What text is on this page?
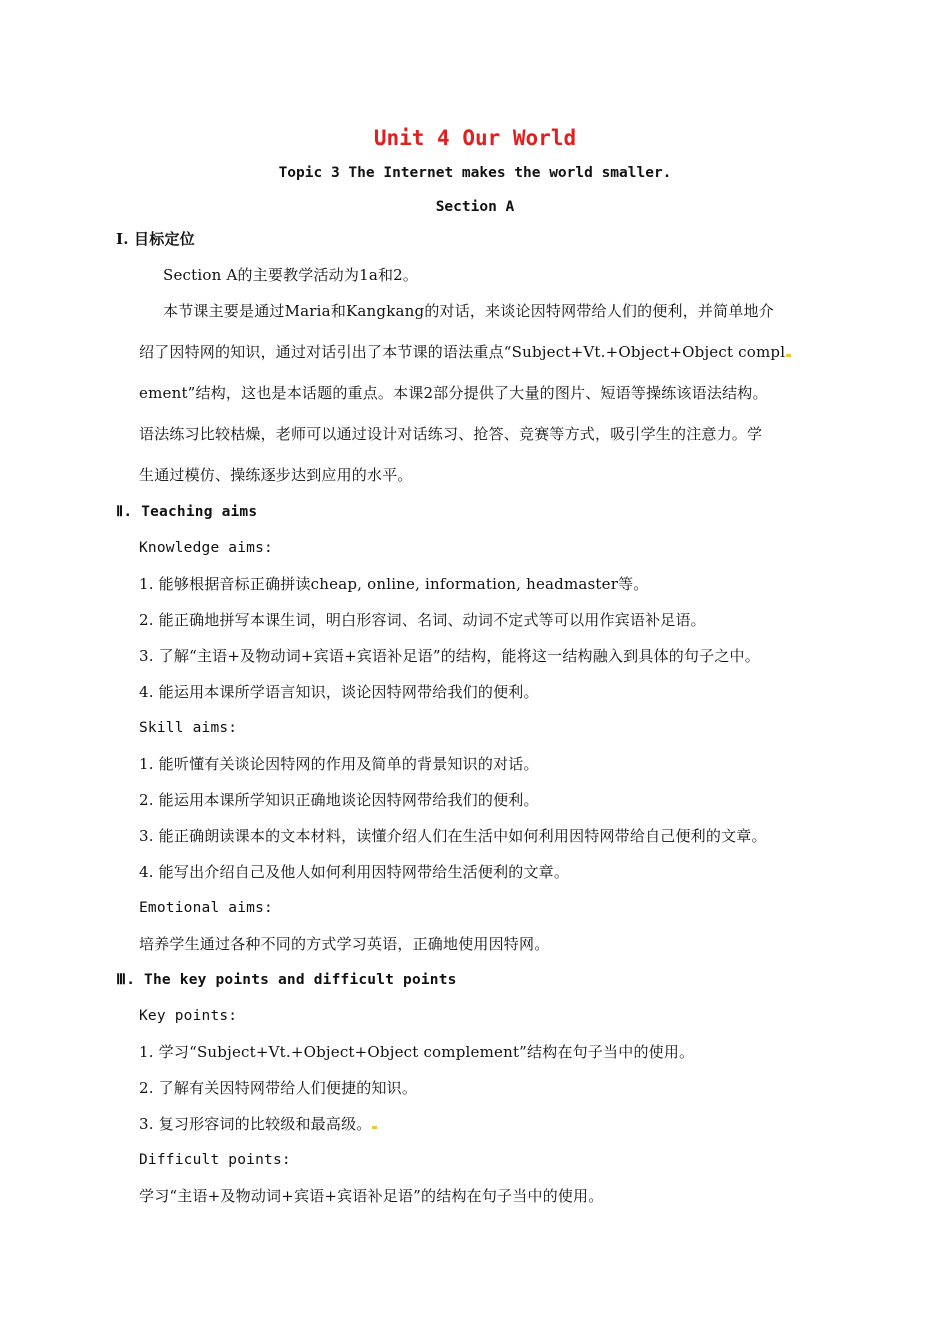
Unit 4 Our World
Topic 3 The Internet makes the world smaller.
Section A
Ⅰ. 目标定位
Section A的主要教学活动为1a和2。
本节课主要是通过Maria和Kangkang的对话，来谈论因特网带给人们的便利，并简单地介
绍了因特网的知识，通过对话引出了本节课的语法重点“Subject+Vt.+Object+Object compl
ement”结构，这也是本话题的重点。本课2部分提供了大量的图片、短语等操练该语法结构。
语法练习比较枯燥，老师可以通过设计对话练习、抢答、竞赛等方式，吸引学生的注意力。学
生通过模仿、操练逐步达到应用的水平。
Ⅱ. Teaching aims
Knowledge aims:
1. 能够根据音标正确拼读cheap, online, information, headmaster等。
2. 能正确地拼写本课生词，明白形容词、名词、动词不定式等可以用作宾语补足语。
3. 了解“主语+及物动词+宾语+宾语补足语”的结构，能将这一结构融入到具体的句子之中。
4. 能运用本课所学语言知识，谈论因特网带给我们的便利。
Skill aims:
1. 能听懂有关谈论因特网的作用及简单的背景知识的对话。
2. 能运用本课所学知识正确地谈论因特网带给我们的便利。
3. 能正确朗读课本的文本材料，读懂介绍人们在生活中如何利用因特网带给自己便利的文章。
4. 能写出介绍自己及他人如何利用因特网带给生活便利的文章。
Emotional aims:
培养学生通过各种不同的方式学习英语，正确地使用因特网。
Ⅲ. The key points and difficult points
Key points:
1. 学习“Subject+Vt.+Object+Object complement”结构在句子当中的使用。
2. 了解有关因特网带给人们便捷的知识。
3. 复习形容词的比较级和最高级。
Difficult points:
学习“主语+及物动词+宾语+宾语补足语”的结构在句子当中的使用。
